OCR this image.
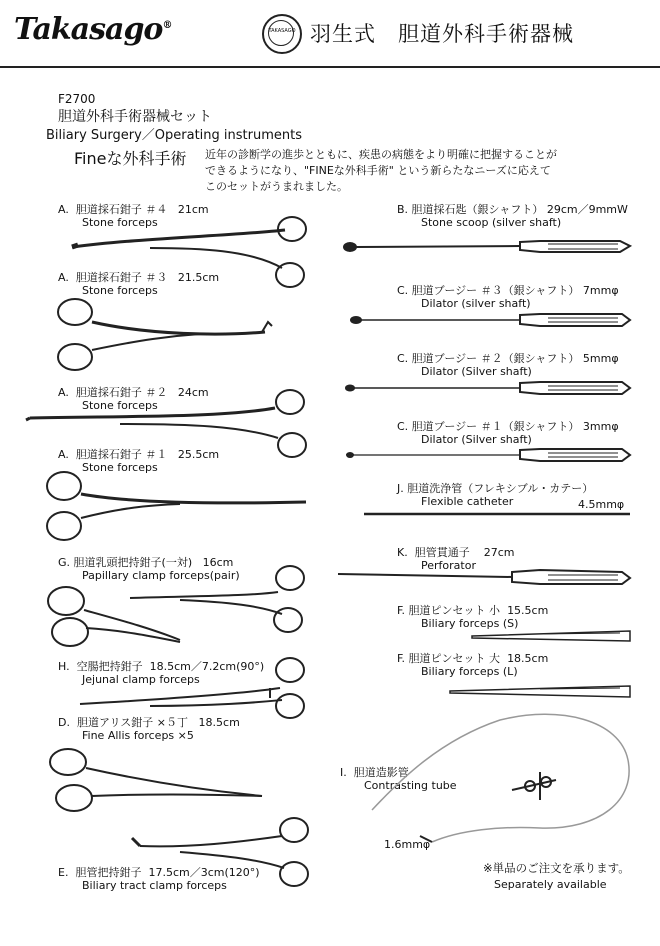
Takasago®	TAKASAGO 羽生式　胆道外科手術器械
F2700
胆道外科手術器械セット
Biliary Surgery／Operating instruments
Fineな外科手術 近年の診断学の進歩とともに、疾患の病態をより明確に把握することが
できるようになり、"FINEな外科手術" という新らたなニーズに応えて
このセットがうまれました。
A. 胆道採石鉗子 ＃４ 21cm
Stone forceps
A. 胆道採石鉗子 ＃３ 21.5cm
Stone forceps
A. 胆道採石鉗子 ＃２ 24cm
Stone forceps
A. 胆道採石鉗子 ＃１ 25.5cm
Stone forceps
G. 胆道乳頭把持鉗子(一対) 16cm
Papillary clamp forceps(pair)
H. 空腸把持鉗子 18.5cm／7.2cm(90°)
Jejunal clamp forceps
D. 胆道アリス鉗子 ×５丁 18.5cm
Fine Allis forceps ×5
E. 胆管把持鉗子 17.5cm／3cm(120°)
Biliary tract clamp forceps
B. 胆道採石匙（銀シャフト） 29cm／9mmW
Stone scoop (silver shaft)
C. 胆道ブージー ＃３（銀シャフト） 7mmφ
Dilator (silver shaft)
C. 胆道ブージー ＃２（銀シャフト） 5mmφ
Dilator (Silver shaft)
C. 胆道ブージー ＃１（銀シャフト） 3mmφ
Dilator (Silver shaft)
J. 胆道洗浄管（フレキシブル・カテー）
Flexible catheter	4.5mmφ
K. 胆管貫通子 27cm
Perforator
F. 胆道ピンセット 小 15.5cm
Biliary forceps (S)
F. 胆道ピンセット 大 18.5cm
Biliary forceps (L)
I. 胆道造影管
Contrasting tube
1.6mmφ
※単品のご注文を承ります。
Separately available
